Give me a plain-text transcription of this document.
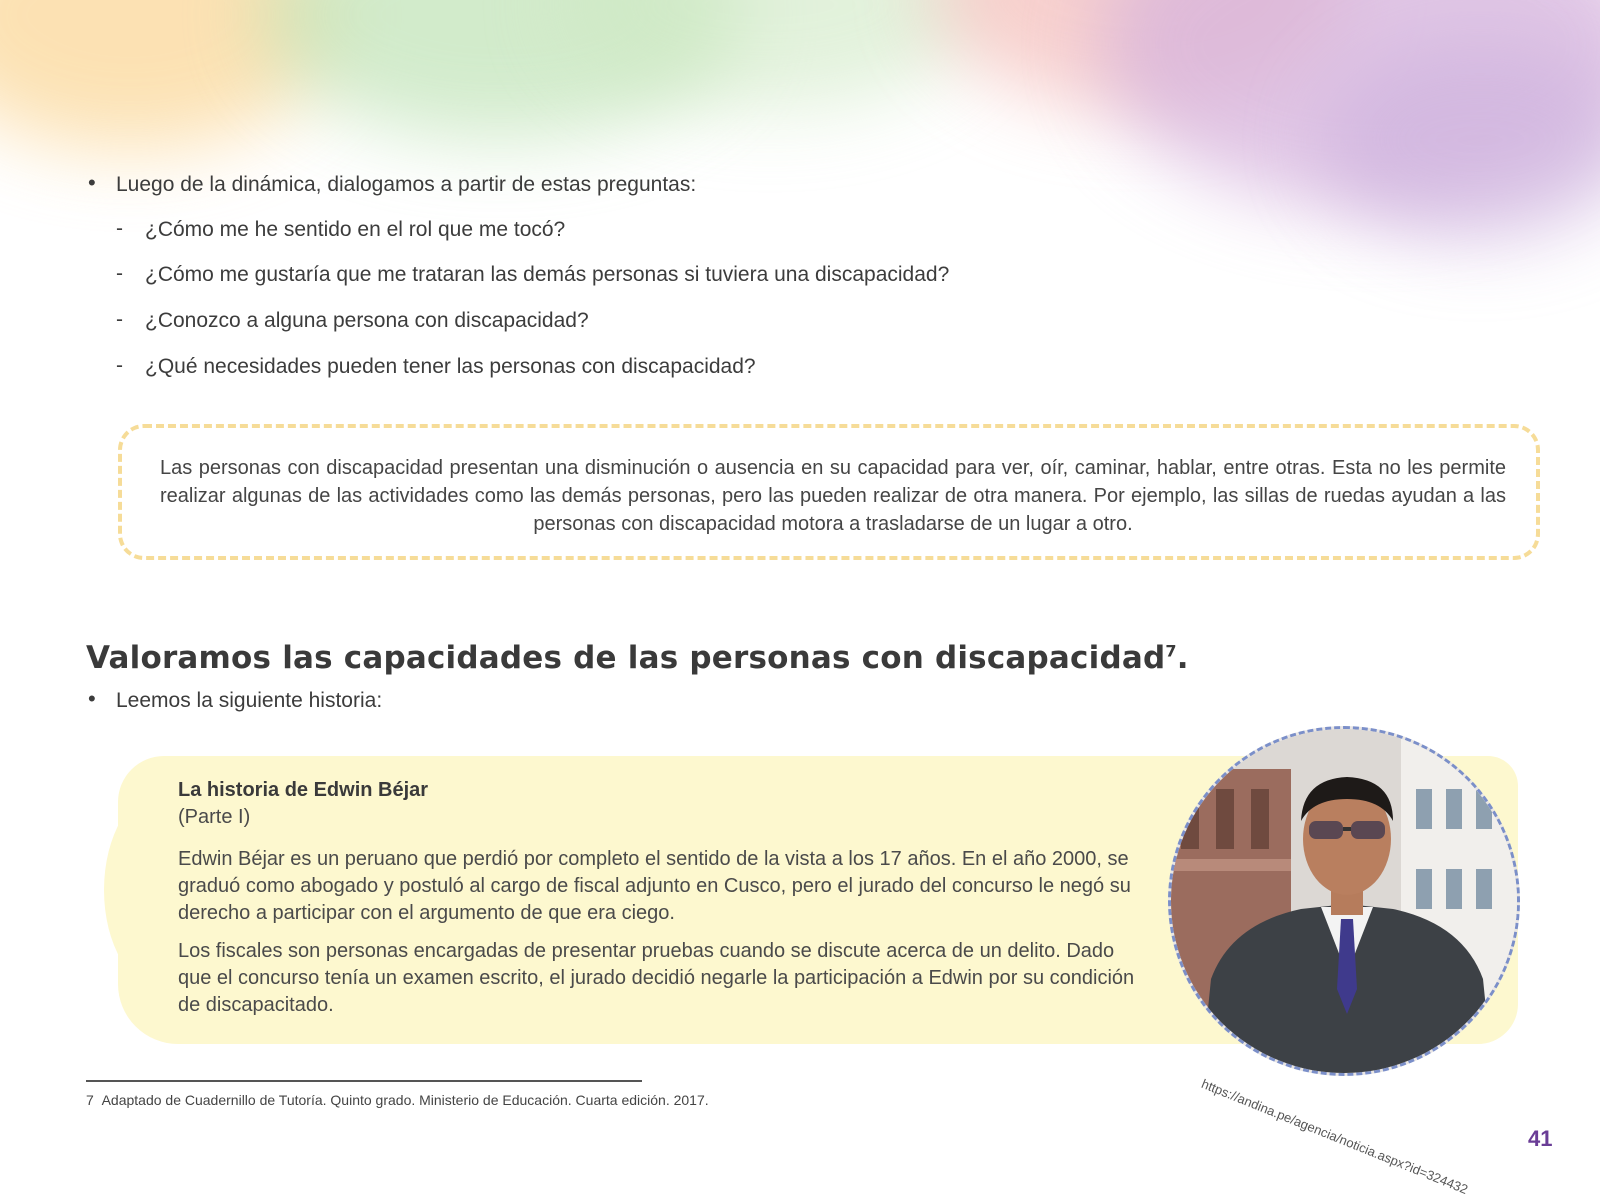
• Luego de la dinámica, dialogamos a partir de estas preguntas:
- ¿Cómo me he sentido en el rol que me tocó?
- ¿Cómo me gustaría que me trataran las demás personas si tuviera una discapacidad?
- ¿Conozco a alguna persona con discapacidad?
- ¿Qué necesidades pueden tener las personas con discapacidad?

Las personas con discapacidad presentan una disminución o ausencia en su capacidad para ver, oír, caminar, hablar, entre otras. Esta no les permite realizar algunas de las actividades como las demás personas, pero las pueden realizar de otra manera. Por ejemplo, las sillas de ruedas ayudan a las personas con discapacidad motora a trasladarse de un lugar a otro.

Valoramos las capacidades de las personas con discapacidad$^7$.
• Leemos la siguiente historia:
La historia de Edwin Béjar
(Parte I)

Edwin Béjar es un peruano que perdió por completo el sentido de la vista a los 17 años. En el año 2000, se graduó como abogado y postuló al cargo de fiscal adjunto en Cusco, pero el jurado del concurso le negó su derecho a participar con el argumento de que era ciego.

Los fiscales son personas encargadas de presentar pruebas cuando se discute acerca de un delito. Dado que el concurso tenía un examen escrito, el jurado decidió negarle la participación a Edwin por su condición de discapacitado.

https://andina.pe/agencia/noticia.aspx?id=324432
7 Adaptado de Cuadernillo de Tutoría. Quinto grado. Ministerio de Educación. Cuarta edición. 2017.
41
